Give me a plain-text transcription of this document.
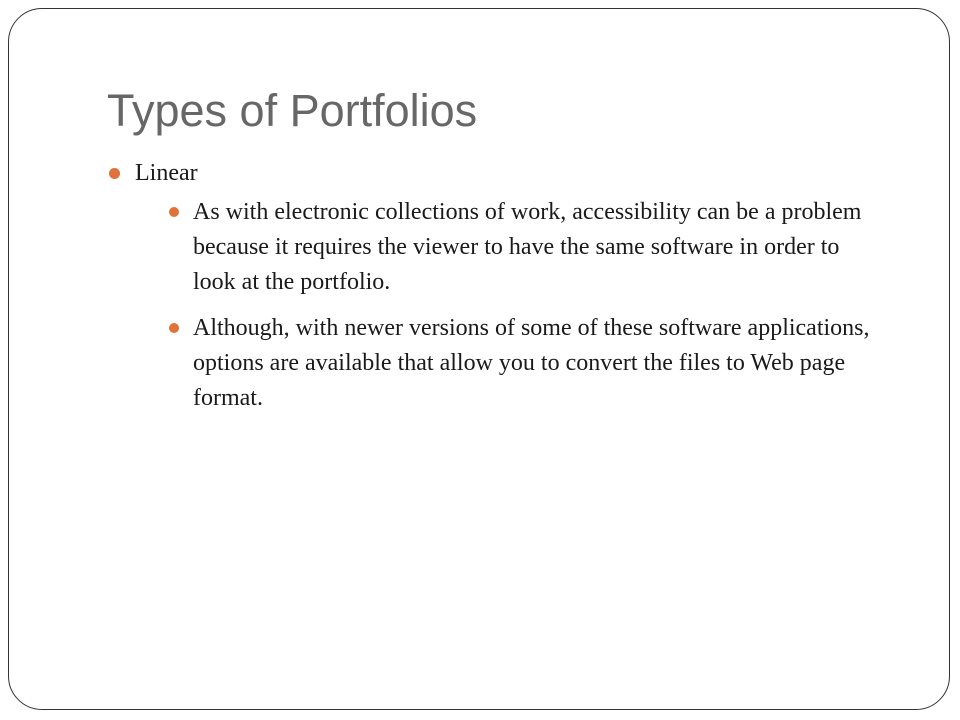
Types of Portfolios
Linear
As with electronic collections of work, accessibility can be a problem because it requires the viewer to have the same software in order to look at the portfolio.
Although, with newer versions of some of these software applications, options are available that allow you to convert the files to Web page format.
